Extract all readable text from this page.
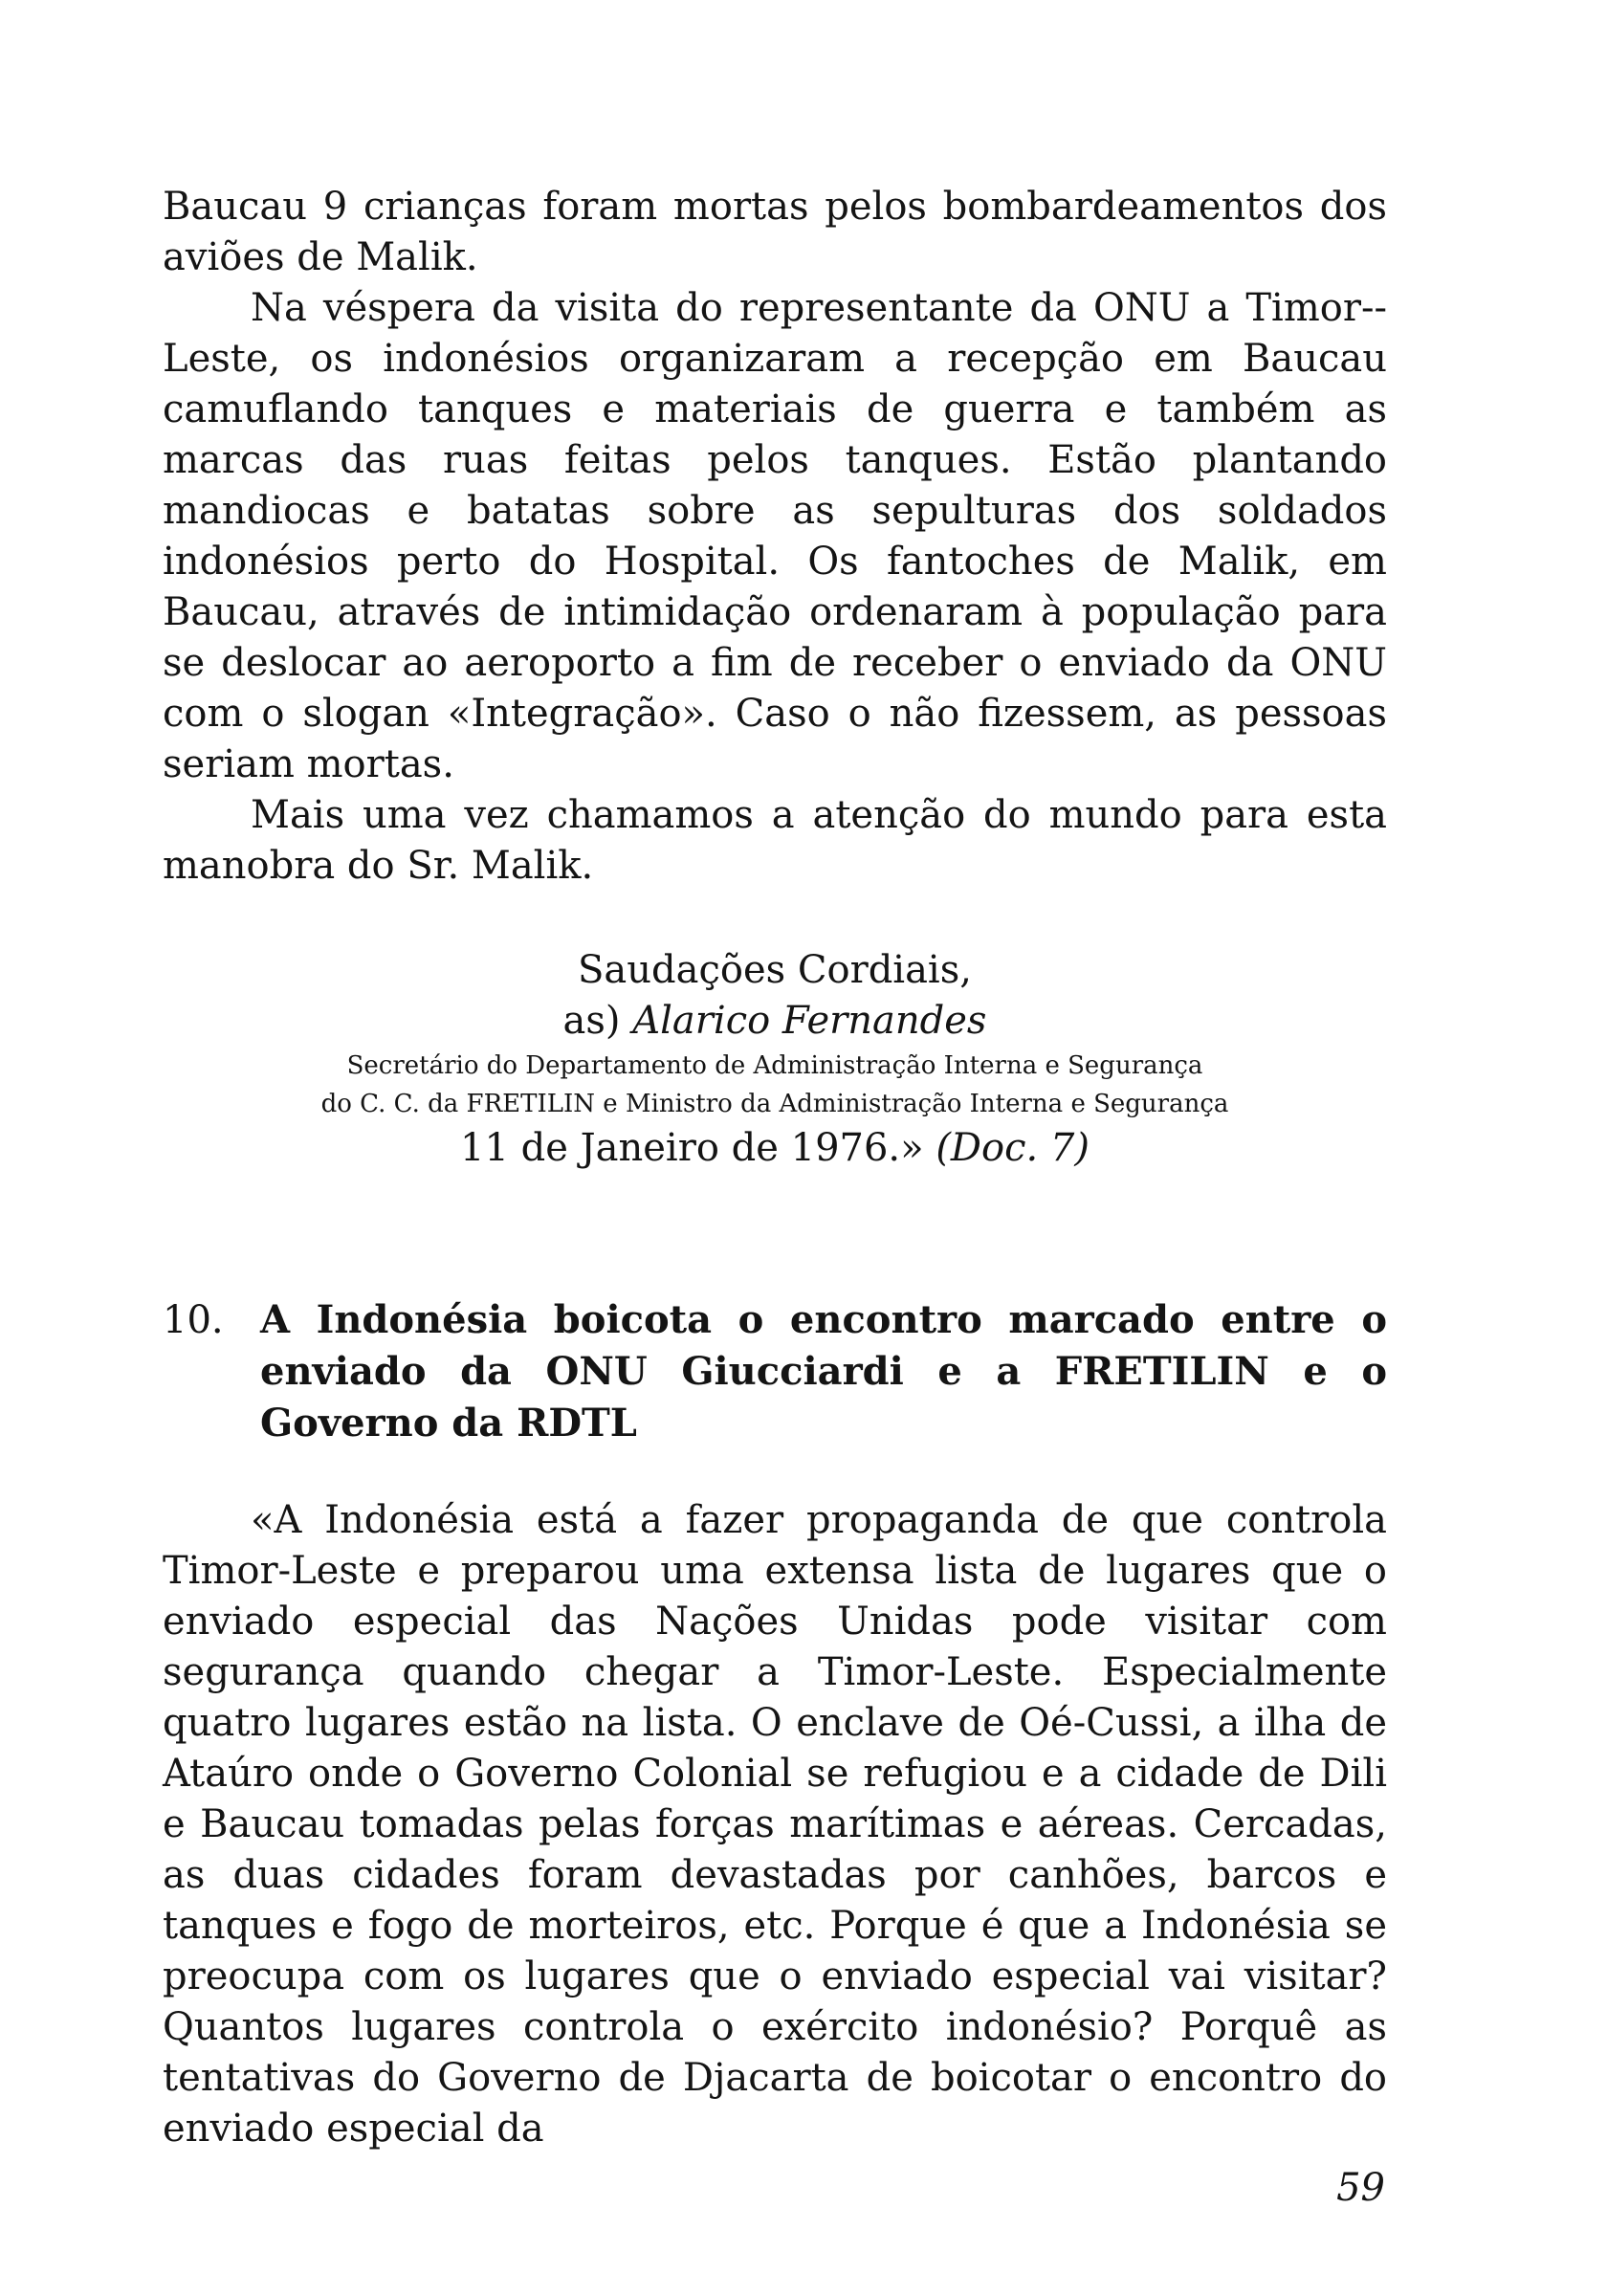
Baucau 9 crianças foram mortas pelos bombardeamentos dos aviões de Malik.

Na véspera da visita do representante da ONU a Timor--Leste, os indonésios organizaram a recepção em Baucau camuflando tanques e materiais de guerra e também as marcas das ruas feitas pelos tanques. Estão plantando mandiocas e batatas sobre as sepulturas dos soldados indonésios perto do Hospital. Os fantoches de Malik, em Baucau, através de intimidação ordenaram à população para se deslocar ao aeroporto a fim de receber o enviado da ONU com o slogan «Integração». Caso o não fizessem, as pessoas seriam mortas.

Mais uma vez chamamos a atenção do mundo para esta manobra do Sr. Malik.

Saudações Cordiais,
as) Alarico Fernandes
Secretário do Departamento de Administração Interna e Segurança
do C. C. da FRETILIN e Ministro da Administração Interna e Segurança
11 de Janeiro de 1976.» (Doc. 7)
10. A Indonésia boicota o encontro marcado entre o enviado da ONU Giucciardi e a FRETILIN e o Governo da RDTL

«A Indonésia está a fazer propaganda de que controla Timor-Leste e preparou uma extensa lista de lugares que o enviado especial das Nações Unidas pode visitar com segurança quando chegar a Timor-Leste. Especialmente quatro lugares estão na lista. O enclave de Oé-Cussi, a ilha de Ataúro onde o Governo Colonial se refugiou e a cidade de Dili e Baucau tomadas pelas forças marítimas e aéreas. Cercadas, as duas cidades foram devastadas por canhões, barcos e tanques e fogo de morteiros, etc. Porque é que a Indonésia se preocupa com os lugares que o enviado especial vai visitar? Quantos lugares controla o exército indonésio? Porquê as tentativas do Governo de Djacarta de boicotar o encontro do enviado especial da

59
